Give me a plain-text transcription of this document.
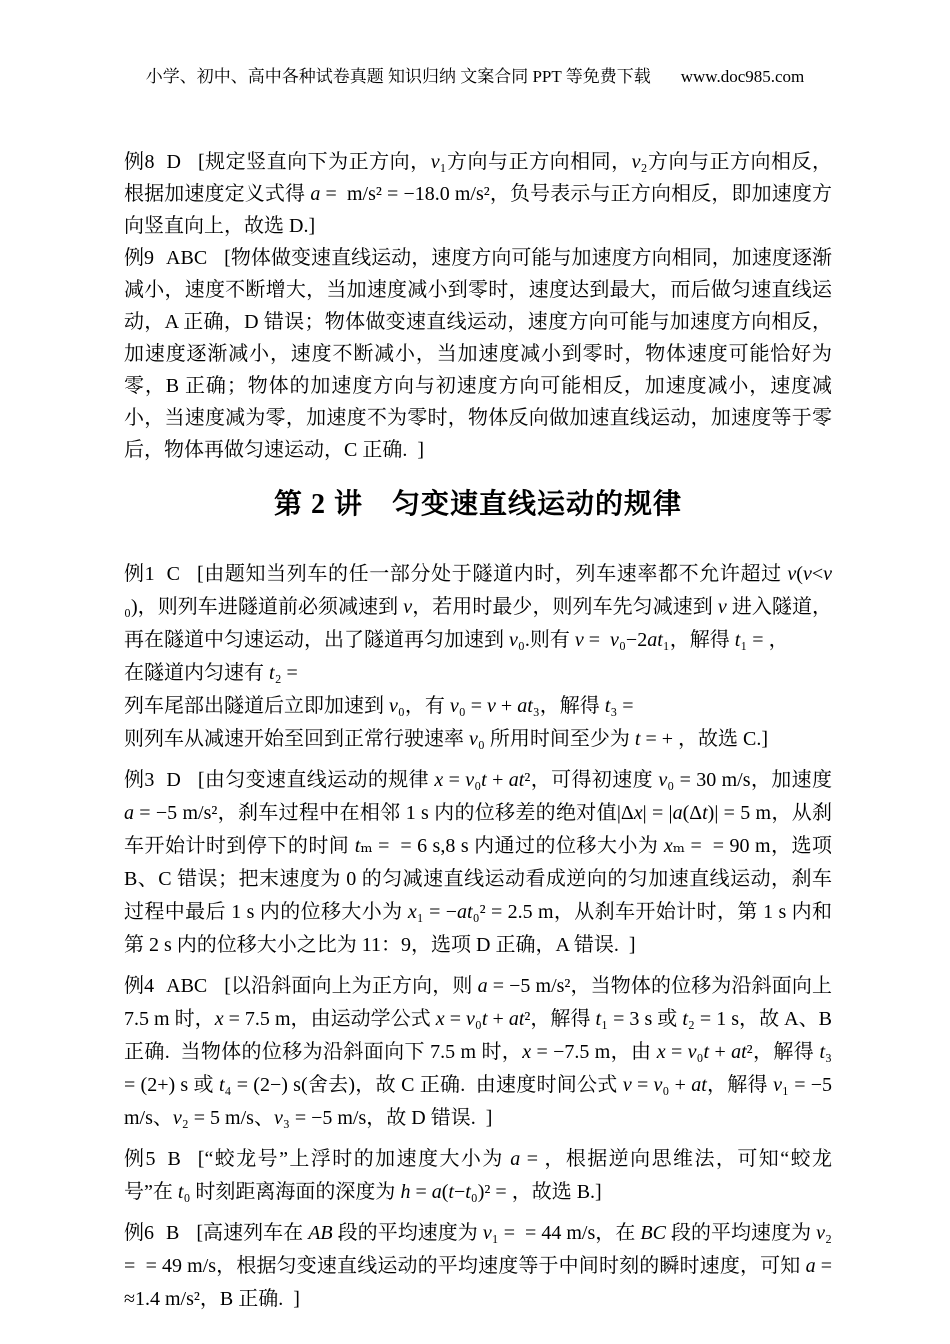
小学、初中、高中各种试卷真题 知识归纳 文案合同 PPT 等免费下载 www.doc985.com

例8 D [规定竖直向下为正方向，v₁方向与正方向相同，v₂方向与正方向相反，根据加速度定义式得 a =  m/s² = −18.0 m/s²，负号表示与正方向相反，即加速度方向竖直向上，故选 D.]

例9 ABC [物体做变速直线运动，速度方向可能与加速度方向相同，加速度逐渐减小，速度不断增大，当加速度减小到零时，速度达到最大，而后做匀速直线运动，A 正确，D 错误；物体做变速直线运动，速度方向可能与加速度方向相反，加速度逐渐减小，速度不断减小，当加速度减小到零时，物体速度可能恰好为零，B 正确；物体的加速度方向与初速度方向可能相反，加速度减小，速度减小，当速度减为零，加速度不为零时，物体反向做加速直线运动，加速度等于零后，物体再做匀速运动，C 正确.  ]

第 2 讲　匀变速直线运动的规律

例1 C [由题知当列车的任一部分处于隧道内时，列车速率都不允许超过 v(v<v₀)，则列车进隧道前必须减速到 v，若用时最少，则列车先匀减速到 v 进入隧道，再在隧道中匀速运动，出了隧道再匀加速到 v₀.则有 v =  v₀−2at₁，解得 t₁ = ，

在隧道内匀速有 t₂ =

列车尾部出隧道后立即加速到 v₀，有 v₀ = v + at₃，解得 t₃ =

则列车从减速开始至回到正常行驶速率 v₀ 所用时间至少为 t = + ，故选 C.]

例3 D [由匀变速直线运动的规律 x = v₀t + at²，可得初速度 v₀ = 30 m/s，加速度 a = −5 m/s²，刹车过程中在相邻 1 s 内的位移差的绝对值|Δx| = |a(Δt)| = 5 m，从刹车开始计时到停下的时间 tₘ =  = 6 s,8 s 内通过的位移大小为 xₘ =  = 90 m，选项 B、C 错误；把末速度为 0 的匀减速直线运动看成逆向的匀加速直线运动，刹车过程中最后 1 s 内的位移大小为 x₁ = −at₀² = 2.5 m，从刹车开始计时，第 1 s 内和第 2 s 内的位移大小之比为 11：9，选项 D 正确，A 错误.  ]

例4 ABC [以沿斜面向上为正方向，则 a = −5 m/s²，当物体的位移为沿斜面向上 7.5 m 时，x = 7.5 m，由运动学公式 x = v₀t + at²，解得 t₁ = 3 s 或 t₂ = 1 s，故 A、B 正确.  当物体的位移为沿斜面向下 7.5 m 时，x = −7.5 m，由 x = v₀t + at²，解得 t₃ = (2+) s 或 t₄ = (2−) s(舍去)，故 C 正确.  由速度时间公式 v = v₀ + at，解得 v₁ = −5 m/s、v₂ = 5 m/s、v₃ = −5 m/s，故 D 错误.  ]

例5 B [“蛟龙号”上浮时的加速度大小为 a = ，根据逆向思维法，可知“蛟龙号”在 t₀ 时刻距离海面的深度为 h = a(t−t₀)² = ，故选 B.]

例6 B [高速列车在 AB 段的平均速度为 v₁ =  = 44 m/s，在 BC 段的平均速度为 v₂ =  = 49 m/s，根据匀变速直线运动的平均速度等于中间时刻的瞬时速度，可知 a = ≈1.4 m/s²，B 正确.  ]
